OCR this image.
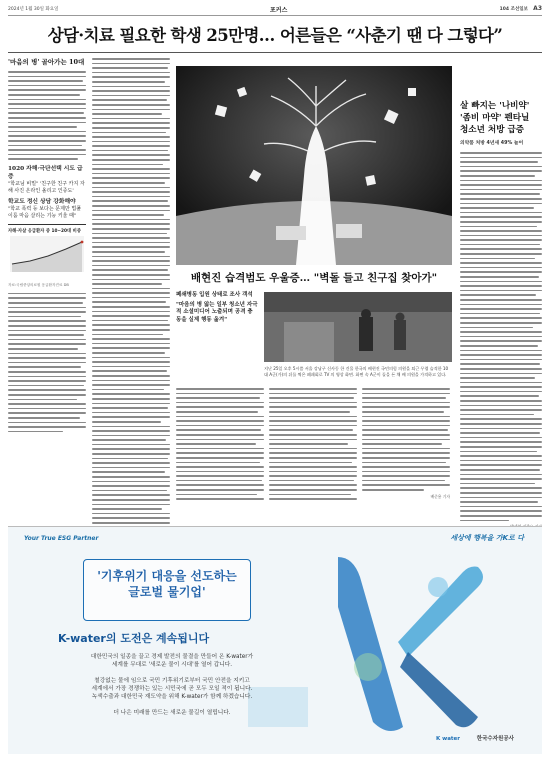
2024년 1월 30일 화요일	포커스	104 조선일보 A3
상담·치료 필요한 학생 25만명… 어른들은 “사춘기 땐 다 그렇다”
'마음의 병' 골아가는 10대
1020 자해·극단선택 시도 급증
"학교님 비밀" '친구한 친구 카지 자해 사진 온라인 올리고 인증도'
학교도 정신 상담 강화해야
"학교 폭력 등 보다는 문제만 법풀 이룸 마음 살리는 기능 키울 때"
자해·자살 응급환자 중 10~20대 비중
자료:국립중앙의료원 응급환자진료 DB
살 빠지는 '나비약'
'좀비 마약' 펜타닐
청소년 처방 급증
의약품 처방 4년새 49% 늘어
배현진 습격범도 우울증… "벽돌 들고 친구집 찾아가"
폐쇄병동 입원 상태로 조사 객석
"마음의 병 앓는 일부 청소년 자극적 소셜미디어 노출되며 공격 충동을 실제 행동 옮겨"
지난 25일 오후 5시쯤 서울 강남구 신사동 한 건물 한국의 배현진 국민의힘 의원을 퇴근 무렵 습격한 10대 A군(가)의 뒤를 찍은 폐쇄회로 TV 의 영상 화면. 화면 속 A군이 돌을 든 채 배 의원을 가격하고 있다.
배준용 기자
Your True ESG Partner	세상에 행복을 가K로 다
'기후위기 대응을 선도하는
글로벌 물기업'
K-water의 도전은 계속됩니다
대한민국의 일종을 끌고 경제 발전의 물결을 만들어 온 K-water가
세계를 무대로 '새로운 물이 시대'를 열어 갑니다.
철강없는 물에 임으로 국민 기후위기로부터 국민 안전을 지키고
세계에서 가장 경쟁하는 있는 시민국에 곧 모두 모일 적이 됩니다.
녹색수출과 대한민국 재도약을 위해 K-water가 함께 하겠습니다.
더 나은 미래를 만드는 새로운 물길이 열립니다.
K water	한국수자원공사
